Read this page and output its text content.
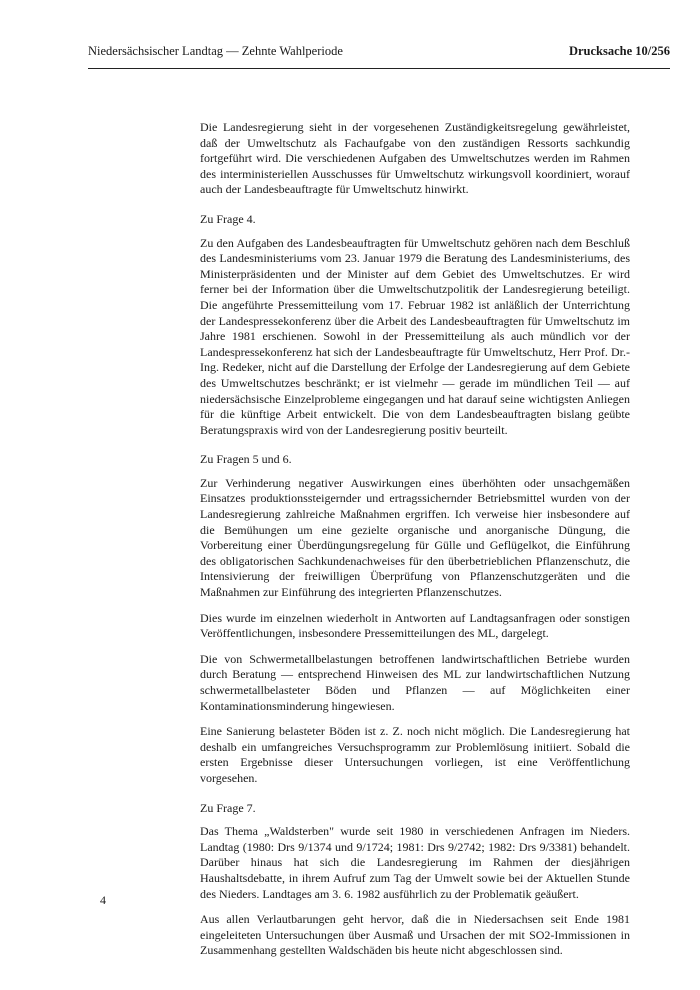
Niedersächsischer Landtag — Zehnte Wahlperiode	Drucksache 10/256

Die Landesregierung sieht in der vorgesehenen Zuständigkeitsregelung gewährleistet, daß der Umweltschutz als Fachaufgabe von den zuständigen Ressorts sachkundig fortgeführt wird. Die verschiedenen Aufgaben des Umweltschutzes werden im Rahmen des interministeriellen Ausschusses für Umweltschutz wirkungsvoll koordiniert, worauf auch der Landesbeauftragte für Umweltschutz hinwirkt.

Zu Frage 4.

Zu den Aufgaben des Landesbeauftragten für Umweltschutz gehören nach dem Beschluß des Landesministeriums vom 23. Januar 1979 die Beratung des Landesministeriums, des Ministerpräsidenten und der Minister auf dem Gebiet des Umweltschutzes. Er wird ferner bei der Information über die Umweltschutzpolitik der Landesregierung beteiligt. Die angeführte Pressemitteilung vom 17. Februar 1982 ist anläßlich der Unterrichtung der Landespressekonferenz über die Arbeit des Landesbeauftragten für Umweltschutz im Jahre 1981 erschienen. Sowohl in der Pressemitteilung als auch mündlich vor der Landespressekonferenz hat sich der Landesbeauftragte für Umweltschutz, Herr Prof. Dr.-Ing. Redeker, nicht auf die Darstellung der Erfolge der Landesregierung auf dem Gebiete des Umweltschutzes beschränkt; er ist vielmehr — gerade im mündlichen Teil — auf niedersächsische Einzelprobleme eingegangen und hat darauf seine wichtigsten Anliegen für die künftige Arbeit entwickelt. Die von dem Landesbeauftragten bislang geübte Beratungspraxis wird von der Landesregierung positiv beurteilt.

Zu Fragen 5 und 6.

Zur Verhinderung negativer Auswirkungen eines überhöhten oder unsachgemäßen Einsatzes produktionssteigernder und ertragssichernder Betriebsmittel wurden von der Landesregierung zahlreiche Maßnahmen ergriffen. Ich verweise hier insbesondere auf die Bemühungen um eine gezielte organische und anorganische Düngung, die Vorbereitung einer Überdüngungsregelung für Gülle und Geflügelkot, die Einführung des obligatorischen Sachkundenachweises für den überbetrieblichen Pflanzenschutz, die Intensivierung der freiwilligen Überprüfung von Pflanzenschutzgeräten und die Maßnahmen zur Einführung des integrierten Pflanzenschutzes.

Dies wurde im einzelnen wiederholt in Antworten auf Landtagsanfragen oder sonstigen Veröffentlichungen, insbesondere Pressemitteilungen des ML, dargelegt.

Die von Schwermetallbelastungen betroffenen landwirtschaftlichen Betriebe wurden durch Beratung — entsprechend Hinweisen des ML zur landwirtschaftlichen Nutzung schwermetallbelasteter Böden und Pflanzen — auf Möglichkeiten einer Kontaminationsminderung hingewiesen.

Eine Sanierung belasteter Böden ist z. Z. noch nicht möglich. Die Landesregierung hat deshalb ein umfangreiches Versuchsprogramm zur Problemlösung initiiert. Sobald die ersten Ergebnisse dieser Untersuchungen vorliegen, ist eine Veröffentlichung vorgesehen.

Zu Frage 7.

Das Thema „Waldsterben" wurde seit 1980 in verschiedenen Anfragen im Nieders. Landtag (1980: Drs 9/1374 und 9/1724; 1981: Drs 9/2742; 1982: Drs 9/3381) behandelt. Darüber hinaus hat sich die Landesregierung im Rahmen der diesjährigen Haushaltsdebatte, in ihrem Aufruf zum Tag der Umwelt sowie bei der Aktuellen Stunde des Nieders. Landtages am 3. 6. 1982 ausführlich zu der Problematik geäußert.

Aus allen Verlautbarungen geht hervor, daß die in Niedersachsen seit Ende 1981 eingeleiteten Untersuchungen über Ausmaß und Ursachen der mit SO2-Immissionen in Zusammenhang gestellten Waldschäden bis heute nicht abgeschlossen sind.

4
